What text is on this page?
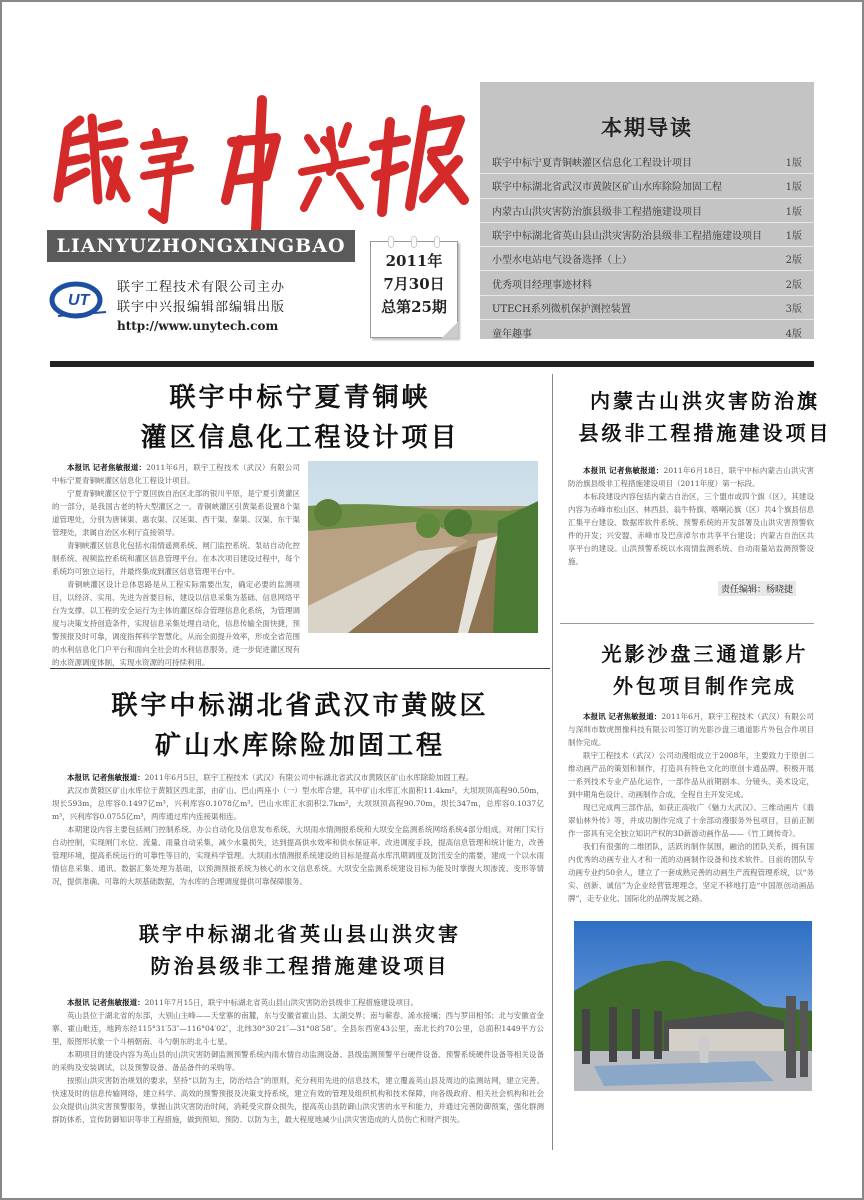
LIANYUZHONGXINGBAO
UT
联宇工程技术有限公司主办
联宇中兴报编辑部编辑出版
http://www.unytech.com
2011年
7月30日
总第25期
本期导读
联宇中标宁夏青铜峡灌区信息化工程设计项目	1版
联宇中标湖北省武汉市黄陂区矿山水库除险加固工程	1版
内蒙古山洪灾害防治旗县级非工程措施建设项目	1版
联宇中标湖北省英山县山洪灾害防治县级非工程措施建设项目 1版
小型水电站电气设备选择（上）	2版
优秀项目经理事迹材料	2版
UTECH系列微机保护测控装置	3版
童年趣事	4版
联宇中标宁夏青铜峡
灌区信息化工程设计项目

本报讯 记者焦敏报道：2011年6月，联宇工程技术（武汉）有限公司中标宁夏青铜峡灌区信息化工程设计项目。

宁夏青铜峡灌区位于宁夏回族自治区北部的银川平原，是宁夏引黄灌区的一部分，是我国古老的特大型灌区之一。青铜峡灌区引黄渠系设置8个渠道管理处，分别为唐徕渠、惠农渠、汉延渠、西干渠、秦渠、汉渠、东干渠管理处，隶属自治区水利厅直接领导。

青铜峡灌区信息化包括水雨情遥测系统、闸门监控系统、泵站自动化控制系统、视频监控系统和灌区信息管理平台。在本次项目建设过程中，每个系统均可独立运行，并最终集成到灌区信息管理平台中。

青铜峡灌区设计总体思路是从工程实际需要出发，确定必要的监测项目，以经济、实用、先进为首要目标，建设以信息采集为基础、信息网络平台为支撑、以工程的安全运行为主体的灌区综合管理信息化系统，为管理调度与决策支持创造条件，实现信息采集处理自动化，信息传输全面快捷，预警预报及时可靠，调度指挥科学智慧化，从而全面提升效率，形成全省范围的水利信息化门户平台和面向全社会的水利信息服务，进一步促进灌区现有的水资源调度体制，实现水资源的可持续利用。

联宇中标湖北省武汉市黄陂区
矿山水库除险加固工程

本报讯 记者焦敏报道：2011年6月5日，联宇工程技术（武汉）有限公司中标湖北省武汉市黄陂区矿山水库除险加固工程。

武汉市黄陂区矿山水库位于黄陂区西北部，由矿山、巴山两座小（一）型水库合建，其中矿山水库汇水面积11.4km²，大坝坝顶高程90.50m，坝长593m，总库容0.1497亿m³，兴利库容0.1078亿m³。巴山水库汇水面积2.7km²，大坝坝顶高程90.70m，坝长347m，总库容0.1037亿m³，兴利库容0.0755亿m³，两库通过库内连接渠相连。

本期建设内容主要包括闸门控制系统、办公自动化及信息发布系统、大坝雨水情测报系统和大坝安全监测系统网络系统4部分组成。对闸门实行自动控制，实现闸门水位、流量、雨量自动采集，减少水量损失，达到提高供水效率和供水保证率。改进调度手段，提高信息管理和统计能力，改善管理环境，提高系统运行的可靠性等目的，实现科学管理。大坝雨水情测报系统建设的目标是提高水库汛期调度及防汛安全的需要，建成一个以水雨情信息采集、通讯、数据汇集处理为基础，以预测预报系统为核心的水文信息系统。大坝安全监测系统建设目标为能及时掌握大坝渗流、变形等情况，提供准确、可靠的大坝基础数据，为水库的合理调度提供可靠保障服务。

联宇中标湖北省英山县山洪灾害
防治县级非工程措施建设项目

本报讯 记者焦敏报道：2011年7月15日，联宇中标湖北省英山县山洪灾害防治县级非工程措施建设项目。

英山县位于湖北省的东部，大别山主峰——天堂寨的南麓，东与安徽省霍山县、太湖交界；南与蕲春、浠水接壤；西与罗田相邻；北与安徽省金寨、霍山毗连，地跨东经115°31′53″—116°04′02″，北纬30°30′21″—31°08′58″。全县东西宽43公里，南北长约70公里，总面积1449平方公里，版图形状象一个斗柄朝南、斗勺朝东的北斗七星。

本期项目的建设内容为英山县的山洪灾害防御监测预警系统内雨水情自动监测设备、县级监测预警平台硬件设备、预警系统硬件设备等相关设备的采购及安装调试，以及预警设备、备品备件的采购等。

按照山洪灾害防治规划的要求，坚持“以防为主，防治结合”的原则，充分利用先进的信息技术，建立覆盖英山县及周边的监测站网，建立完善、快速及时的信息传输网络，建立科学、高效的预警预报及决策支持系统，建立有效的管理及组织机构和技术保障，向各级政府、相关社会机构和社会公众提供山洪灾害预警服务，掌握山洪灾害防治时间，消耗受灾群众损失，提高英山县防御山洪灾害的水平和能力，并通过完善防御预案，强化群测群防体系，宣传防御知识等非工程措施，做到预知、预防、以防为主，最大程度地减少山洪灾害造成的人员伤亡和财产损失。

内蒙古山洪灾害防治旗
县级非工程措施建设项目

本报讯 记者焦敏报道：2011年6月18日，联宇中标内蒙古山洪灾害防治旗县级非工程措施建设项目（2011年度）第一标段。

本标段建设内容包括内蒙古自治区，三个盟市或四个旗（区），其建设内容为赤峰市松山区、林西县、翁牛特旗、喀喇沁旗（区）共4个旗县信息汇集平台建设、数据库软件系统、预警系统的开发部署及山洪灾害预警软件的开发；兴安盟、赤峰市及巴彦淖尔市共享平台建设；内蒙古自治区共享平台的建设。山洪预警系统以水雨情监测系统、自动雨量站监测预警设施。

责任编辑：杨晓捷
光影沙盘三通道影片
外包项目制作完成

本报讯 记者焦敏报道：2011年6月，联宇工程技术（武汉）有限公司与深圳市数虎图像科技有限公司签订的光影沙盘三通道影片外包合作项目制作完成。

联宇工程技术（武汉）公司动漫组成立于2008年，主要致力于原创二维动画产品的策划和制作，打造具有特色文化的原创卡通品牌，积极开展一系列技术专业产品化运作，一部作品从前期剧本、分镜头、美术设定，到中期角色设计、动画制作合成，全程自主开发完成。

现已完成两三部作品，如获正高收广《魅力大武汉》、三维动画片《翡翠仙林外传》等，并成功制作完成了十余部动漫服务外包项目，目前正制作一部具有完全独立知识产权的3D新游动画作品——《竹工阔传奇》。

我们有很强的二维团队，活跃的制作氛围，融洽的团队关系，拥有国内优秀的动画专业人才和一流的动画制作设备和技术软件。目前的团队专动画专业约50余人，建立了一套成熟完善的动画生产流程管理系统，以“务实、创新、诚信”为企业经营管理理念，坚定不移地打造“中国原创动画品牌”，走专业化、国际化的品牌发展之路。
